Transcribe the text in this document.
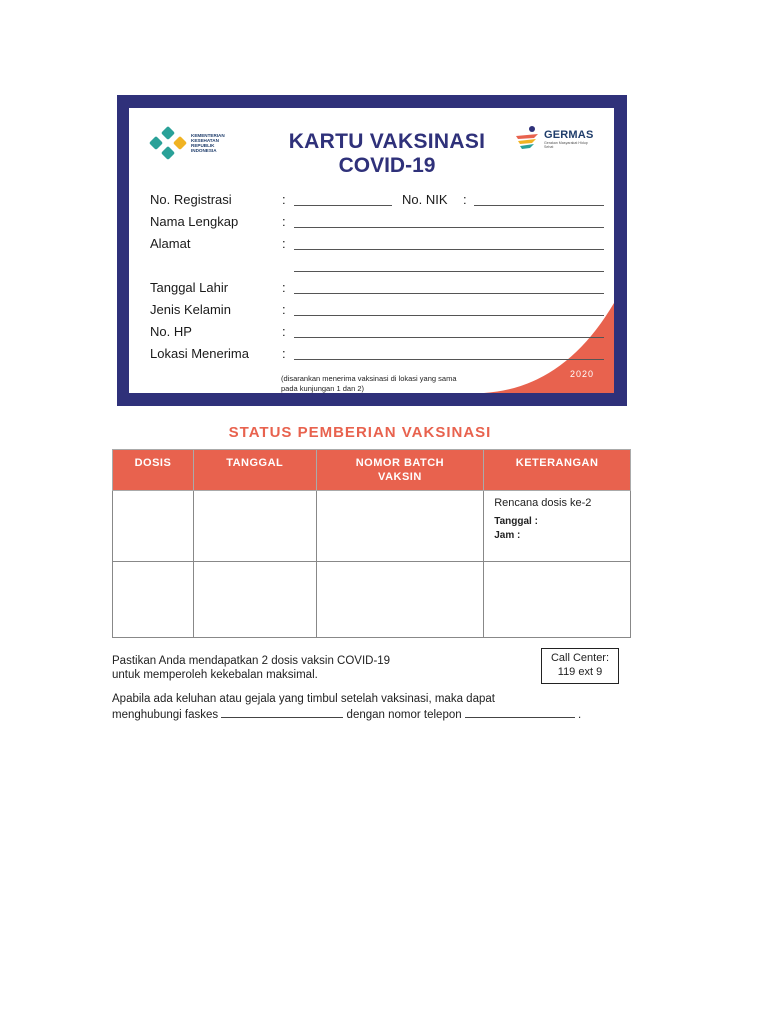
2020
KEMENTERIAN
KESEHATAN
REPUBLIK
INDONESIA	KARTU VAKSINASI
COVID-19
GERMAS
Gerakan Masyarakat Hidup Sehat
No. Registrasi	:	No. NIK :
Nama Lengkap	:
Alamat	:
Tanggal Lahir	:
Jenis Kelamin	:
No. HP	:
Lokasi Menerima	:
(disarankan menerima vaksinasi di lokasi yang sama
pada kunjungan 1 dan 2)
STATUS PEMBERIAN VAKSINASI
DOSIS	TANGGAL	NOMOR BATCH
VAKSIN	KETERANGAN

			Rencana dosis ke-2
Tanggal :
Jam :

Pastikan Anda mendapatkan 2 dosis vaksin COVID-19
untuk memperoleh kekebalan maksimal.
Call Center:
119 ext 9
Apabila ada keluhan atau gejala yang timbul setelah vaksinasi, maka dapat
menghubungi faskes	dengan nomor telepon	.
